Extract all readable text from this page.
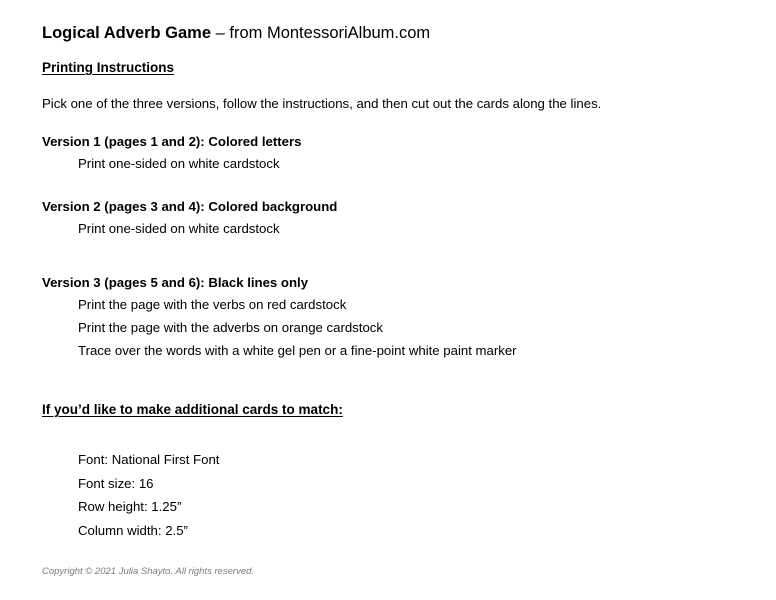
Logical Adverb Game – from MontessoriAlbum.com
Printing Instructions

Pick one of the three versions, follow the instructions, and then cut out the cards along the lines.

Version 1 (pages 1 and 2): Colored letters

Print one-sided on white cardstock

Version 2 (pages 3 and 4): Colored background

Print one-sided on white cardstock

Version 3 (pages 5 and 6): Black lines only

Print the page with the verbs on red cardstock

Print the page with the adverbs on orange cardstock

Trace over the words with a white gel pen or a fine-point white paint marker

If you’d like to make additional cards to match:

Font: National First Font

Font size: 16

Row height: 1.25”

Column width: 2.5”

Copyright © 2021 Julia Shayto. All rights reserved.
